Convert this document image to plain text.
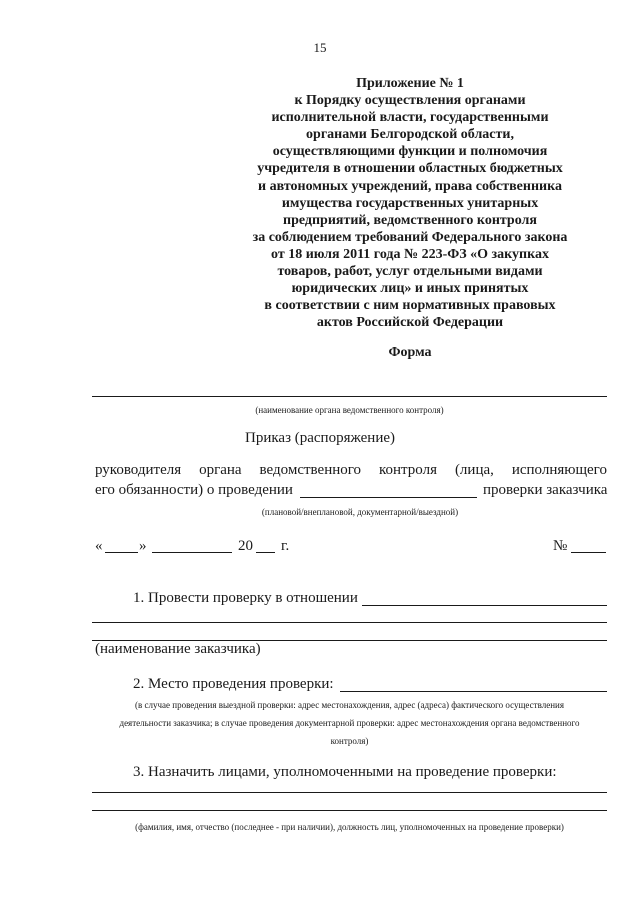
15
Приложение № 1
к Порядку осуществления органами
исполнительной власти, государственными
органами Белгородской области,
осуществляющими функции и полномочия
учредителя в отношении областных бюджетных
и автономных учреждений, права собственника
имущества государственных унитарных
предприятий, ведомственного контроля
за соблюдением требований Федерального закона
от 18 июля 2011 года № 223-ФЗ «О закупках
товаров, работ, услуг отдельными видами
юридических лиц» и иных принятых
в соответствии с ним нормативных правовых
актов Российской Федерации
Форма
(наименование органа ведомственного контроля)
Приказ (распоряжение)
руководителя органа ведомственного контроля (лица, исполняющего
его обязанности) о проведении	проверки заказчика
(плановой/внеплановой, документарной/выездной)
« »	20 г.	№
1. Провести проверку в отношении
(наименование заказчика)
2. Место проведения проверки:
(в случае проведения выездной проверки: адрес местонахождения, адрес (адреса) фактического осуществления
деятельности заказчика; в случае проведения документарной проверки: адрес местонахождения органа ведомственного
контроля)
3. Назначить лицами, уполномоченными на проведение проверки:
(фамилия, имя, отчество (последнее - при наличии), должность лиц, уполномоченных на проведение проверки)
